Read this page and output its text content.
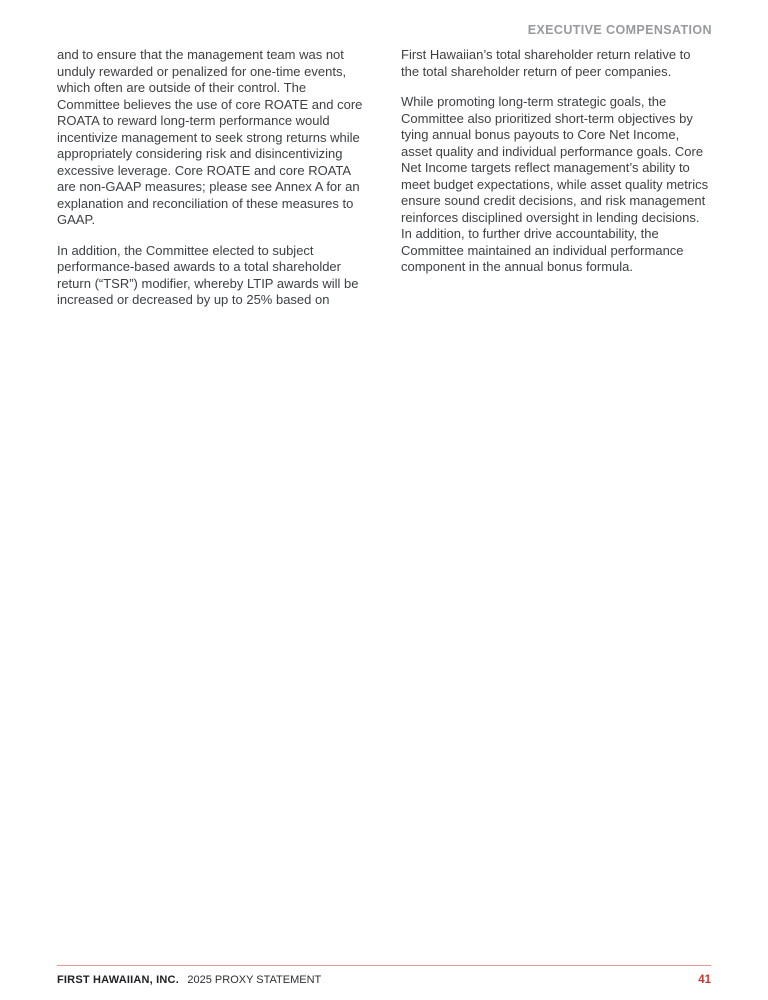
EXECUTIVE COMPENSATION

and to ensure that the management team was not unduly rewarded or penalized for one-time events, which often are outside of their control. The Committee believes the use of core ROATE and core ROATA to reward long-term performance would incentivize management to seek strong returns while appropriately considering risk and disincentivizing excessive leverage. Core ROATE and core ROATA are non-GAAP measures; please see Annex A for an explanation and reconciliation of these measures to GAAP.

In addition, the Committee elected to subject performance-based awards to a total shareholder return (“TSR”) modifier, whereby LTIP awards will be increased or decreased by up to 25% based on

First Hawaiian’s total shareholder return relative to the total shareholder return of peer companies.

While promoting long-term strategic goals, the Committee also prioritized short-term objectives by tying annual bonus payouts to Core Net Income, asset quality and individual performance goals. Core Net Income targets reflect management’s ability to meet budget expectations, while asset quality metrics ensure sound credit decisions, and risk management reinforces disciplined oversight in lending decisions. In addition, to further drive accountability, the Committee maintained an individual performance component in the annual bonus formula.

FIRST HAWAIIAN, INC. 2025 PROXY STATEMENT	41
